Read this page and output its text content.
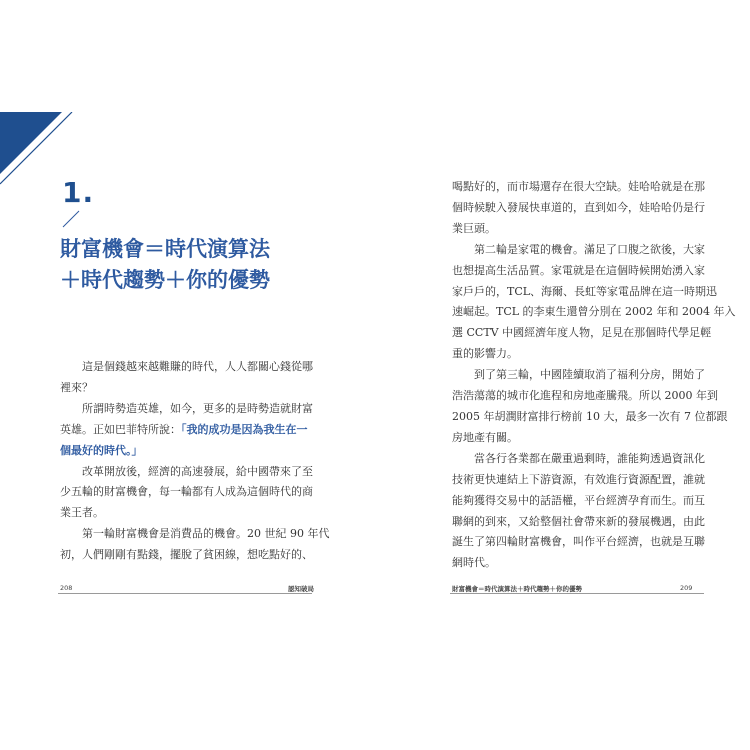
1.
財富機會＝時代演算法
＋時代趨勢＋你的優勢
　　這是個錢越來越難賺的時代，人人都關心錢從哪
裡來？
　　所謂時勢造英雄，如今，更多的是時勢造就財富
英雄。正如巴菲特所說：「我的成功是因為我生在一
個最好的時代。」
　　改革開放後，經濟的高速發展，給中國帶來了至
少五輪的財富機會，每一輪都有人成為這個時代的商
業王者。
　　第一輪財富機會是消費品的機會。20 世紀 90 年代
初，人們剛剛有點錢，擺脫了貧困線，想吃點好的、
喝點好的，而市場還存在很大空缺。娃哈哈就是在那
個時候駛入發展快車道的，直到如今，娃哈哈仍是行
業巨頭。
　　第二輪是家電的機會。滿足了口腹之欲後，大家
也想提高生活品質。家電就是在這個時候開始湧入家
家戶戶的，TCL、海爾、長虹等家電品牌在這一時期迅
速崛起。TCL 的李東生還曾分別在 2002 年和 2004 年入
選 CCTV 中國經濟年度人物，足見在那個時代學足輕
重的影響力。
　　到了第三輪，中國陸續取消了福利分房，開始了
浩浩蕩蕩的城市化進程和房地產騰飛。所以 2000 年到
2005 年胡潤財富排行榜前 10 大，最多一次有 7 位都跟
房地產有關。
　　當各行各業都在嚴重過剩時，誰能夠透過資訊化
技術更快連結上下游資源，有效進行資源配置，誰就
能夠獲得交易中的話語權，平台經濟孕育而生。而互
聯網的到來，又給整個社會帶來新的發展機遇，由此
誕生了第四輪財富機會，叫作平台經濟，也就是互聯
網時代。
208	認知破局	財富機會＝時代演算法＋時代趨勢＋你的優勢	209
